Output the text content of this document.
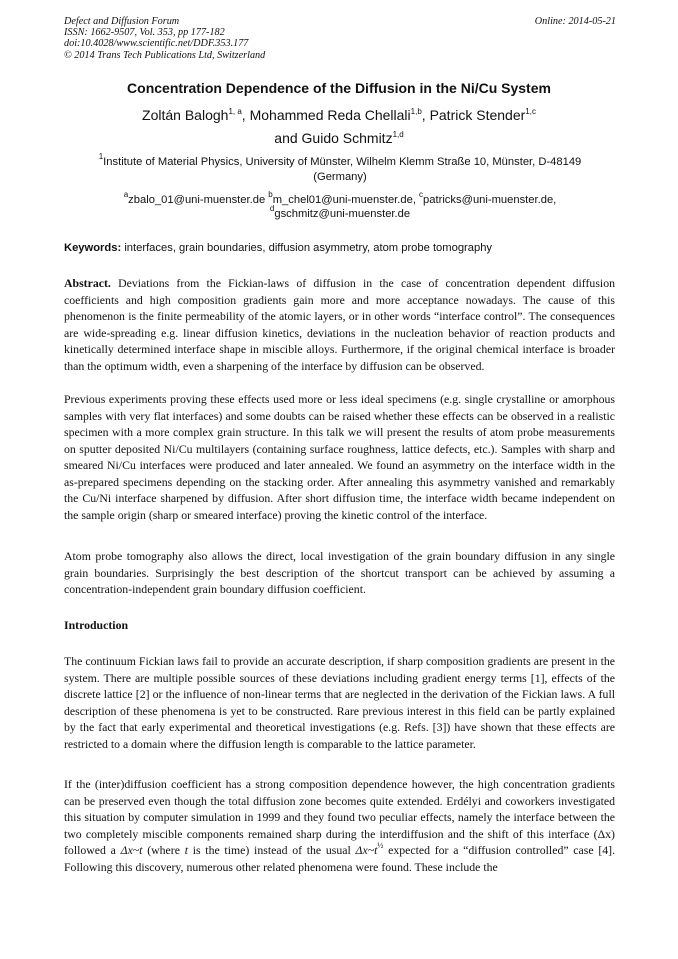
Defect and Diffusion Forum
ISSN: 1662-9507, Vol. 353, pp 177-182
doi:10.4028/www.scientific.net/DDF.353.177
© 2014 Trans Tech Publications Ltd, Switzerland
Online: 2014-05-21
Concentration Dependence of the Diffusion in the Ni/Cu System
Zoltán Balogh$^{1, a}$, Mohammed Reda Chellali$^{1,b}$, Patrick Stender$^{1,c}$
and Guido Schmitz$^{1,d}$
$^1$Institute of Material Physics, University of Münster, Wilhelm Klemm Straße 10, Münster, D-48149
(Germany)
$^a$zbalo_01@uni-muenster.de $^b$m_chel01@uni-muenster.de, $^c$patricks@uni-muenster.de,
$^d$gschmitz@uni-muenster.de
Keywords: interfaces, grain boundaries, diffusion asymmetry, atom probe tomography

Abstract. Deviations from the Fickian-laws of diffusion in the case of concentration dependent diffusion coefficients and high composition gradients gain more and more acceptance nowadays. The cause of this phenomenon is the finite permeability of the atomic layers, or in other words “interface control”. The consequences are wide-spreading e.g. linear diffusion kinetics, deviations in the nucleation behavior of reaction products and kinetically determined interface shape in miscible alloys. Furthermore, if the original chemical interface is broader than the optimum width, even a sharpening of the interface by diffusion can be observed.

Previous experiments proving these effects used more or less ideal specimens (e.g. single crystalline or amorphous samples with very flat interfaces) and some doubts can be raised whether these effects can be observed in a realistic specimen with a more complex grain structure. In this talk we will present the results of atom probe measurements on sputter deposited Ni/Cu multilayers (containing surface roughness, lattice defects, etc.). Samples with sharp and smeared Ni/Cu interfaces were produced and later annealed. We found an asymmetry on the interface width in the as-prepared specimens depending on the stacking order. After annealing this asymmetry vanished and remarkably the Cu/Ni interface sharpened by diffusion. After short diffusion time, the interface width became independent on the sample origin (sharp or smeared interface) proving the kinetic control of the interface.

Atom probe tomography also allows the direct, local investigation of the grain boundary diffusion in any single grain boundaries. Surprisingly the best description of the shortcut transport can be achieved by assuming a concentration-independent grain boundary diffusion coefficient.

Introduction

The continuum Fickian laws fail to provide an accurate description, if sharp composition gradients are present in the system. There are multiple possible sources of these deviations including gradient energy terms [1], effects of the discrete lattice [2] or the influence of non-linear terms that are neglected in the derivation of the Fickian laws. A full description of these phenomena is yet to be constructed. Rare previous interest in this field can be partly explained by the fact that early experimental and theoretical investigations (e.g. Refs. [3]) have shown that these effects are restricted to a domain where the diffusion length is comparable to the lattice parameter.

If the (inter)diffusion coefficient has a strong composition dependence however, the high concentration gradients can be preserved even though the total diffusion zone becomes quite extended. Erdélyi and coworkers investigated this situation by computer simulation in 1999 and they found two peculiar effects, namely the interface between the two completely miscible components remained sharp during the interdiffusion and the shift of this interface (Δx) followed a Δx~t (where t is the time) instead of the usual $\Delta x\sim t^{\frac{1}{2}}$ expected for a “diffusion controlled” case [4]. Following this discovery, numerous other related phenomena were found. These include the
